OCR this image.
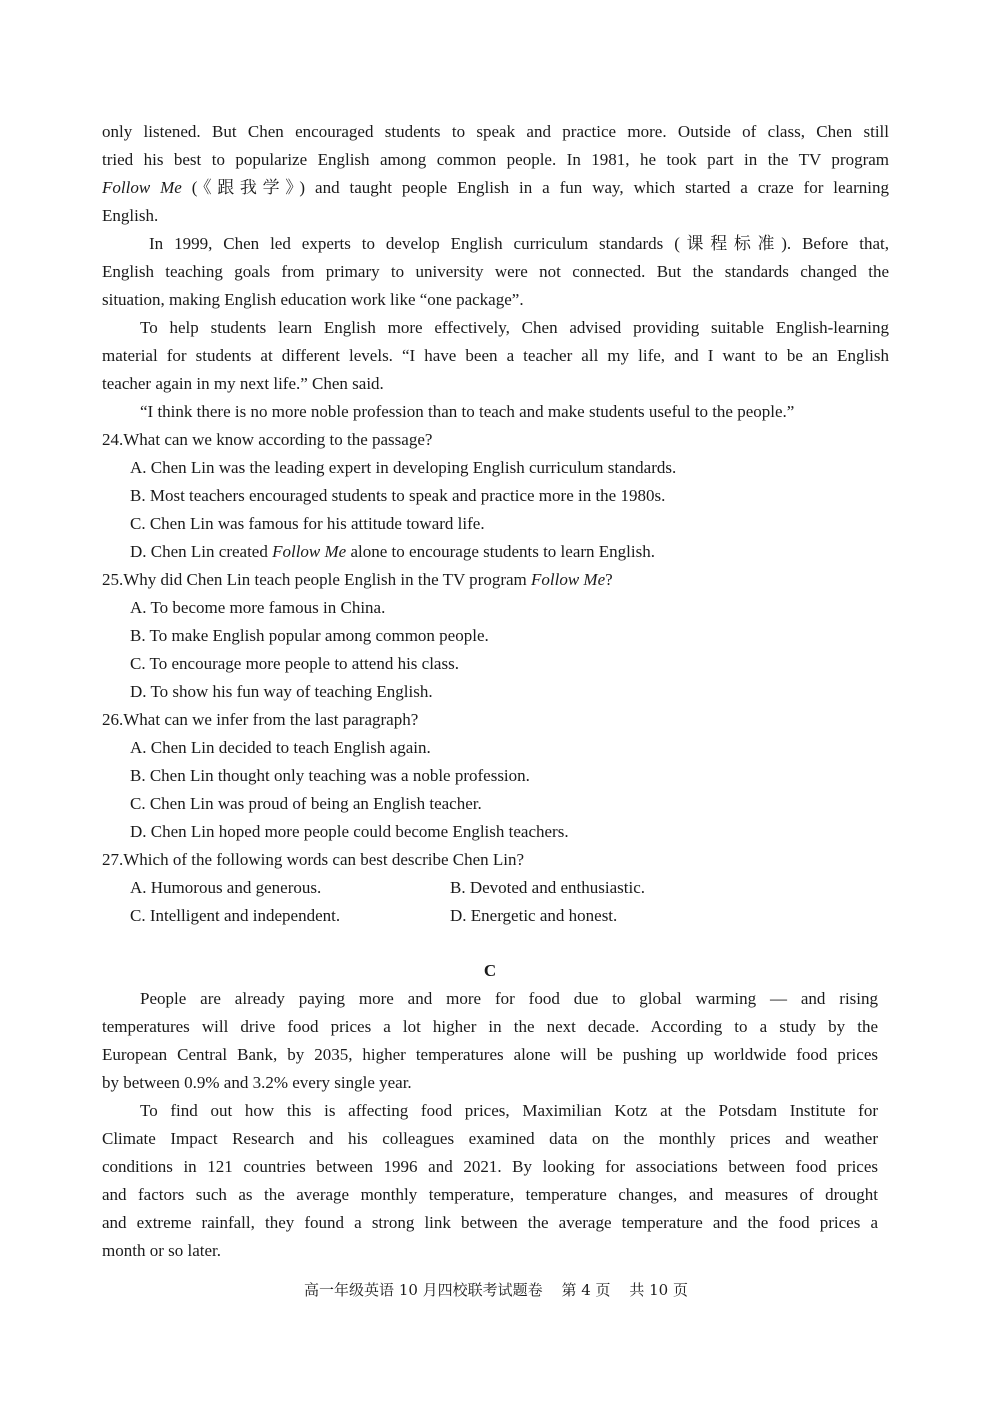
only listened. But Chen encouraged students to speak and practice more. Outside of class, Chen still
tried his best to popularize English among common people. In 1981, he took part in the TV program
Follow Me (《跟我学》) and taught people English in a fun way, which started a craze for learning
English.
In 1999, Chen led experts to develop English curriculum standards (课程标准). Before that,
English teaching goals from primary to university were not connected. But the standards changed the
situation, making English education work like “one package”.
To help students learn English more effectively, Chen advised providing suitable English-learning
material for students at different levels. “I have been a teacher all my life, and I want to be an English
teacher again in my next life.” Chen said.
“I think there is no more noble profession than to teach and make students useful to the people.”
24.What can we know according to the passage?
A. Chen Lin was the leading expert in developing English curriculum standards.
B. Most teachers encouraged students to speak and practice more in the 1980s.
C. Chen Lin was famous for his attitude toward life.
D. Chen Lin created Follow Me alone to encourage students to learn English.
25.Why did Chen Lin teach people English in the TV program Follow Me?
A. To become more famous in China.
B. To make English popular among common people.
C. To encourage more people to attend his class.
D. To show his fun way of teaching English.
26.What can we infer from the last paragraph?
A. Chen Lin decided to teach English again.
B. Chen Lin thought only teaching was a noble profession.
C. Chen Lin was proud of being an English teacher.
D. Chen Lin hoped more people could become English teachers.
27.Which of the following words can best describe Chen Lin?
A. Humorous and generous.	B. Devoted and enthusiastic.
C. Intelligent and independent.	D. Energetic and honest.
C
People are already paying more and more for food due to global warming — and rising
temperatures will drive food prices a lot higher in the next decade. According to a study by the
European Central Bank, by 2035, higher temperatures alone will be pushing up worldwide food prices
by between 0.9% and 3.2% every single year.
To find out how this is affecting food prices, Maximilian Kotz at the Potsdam Institute for
Climate Impact Research and his colleagues examined data on the monthly prices and weather
conditions in 121 countries between 1996 and 2021. By looking for associations between food prices
and factors such as the average monthly temperature, temperature changes, and measures of drought
and extreme rainfall, they found a strong link between the average temperature and the food prices a
month or so later.
高一年级英语 10 月四校联考试题卷 第 4 页 共 10 页
